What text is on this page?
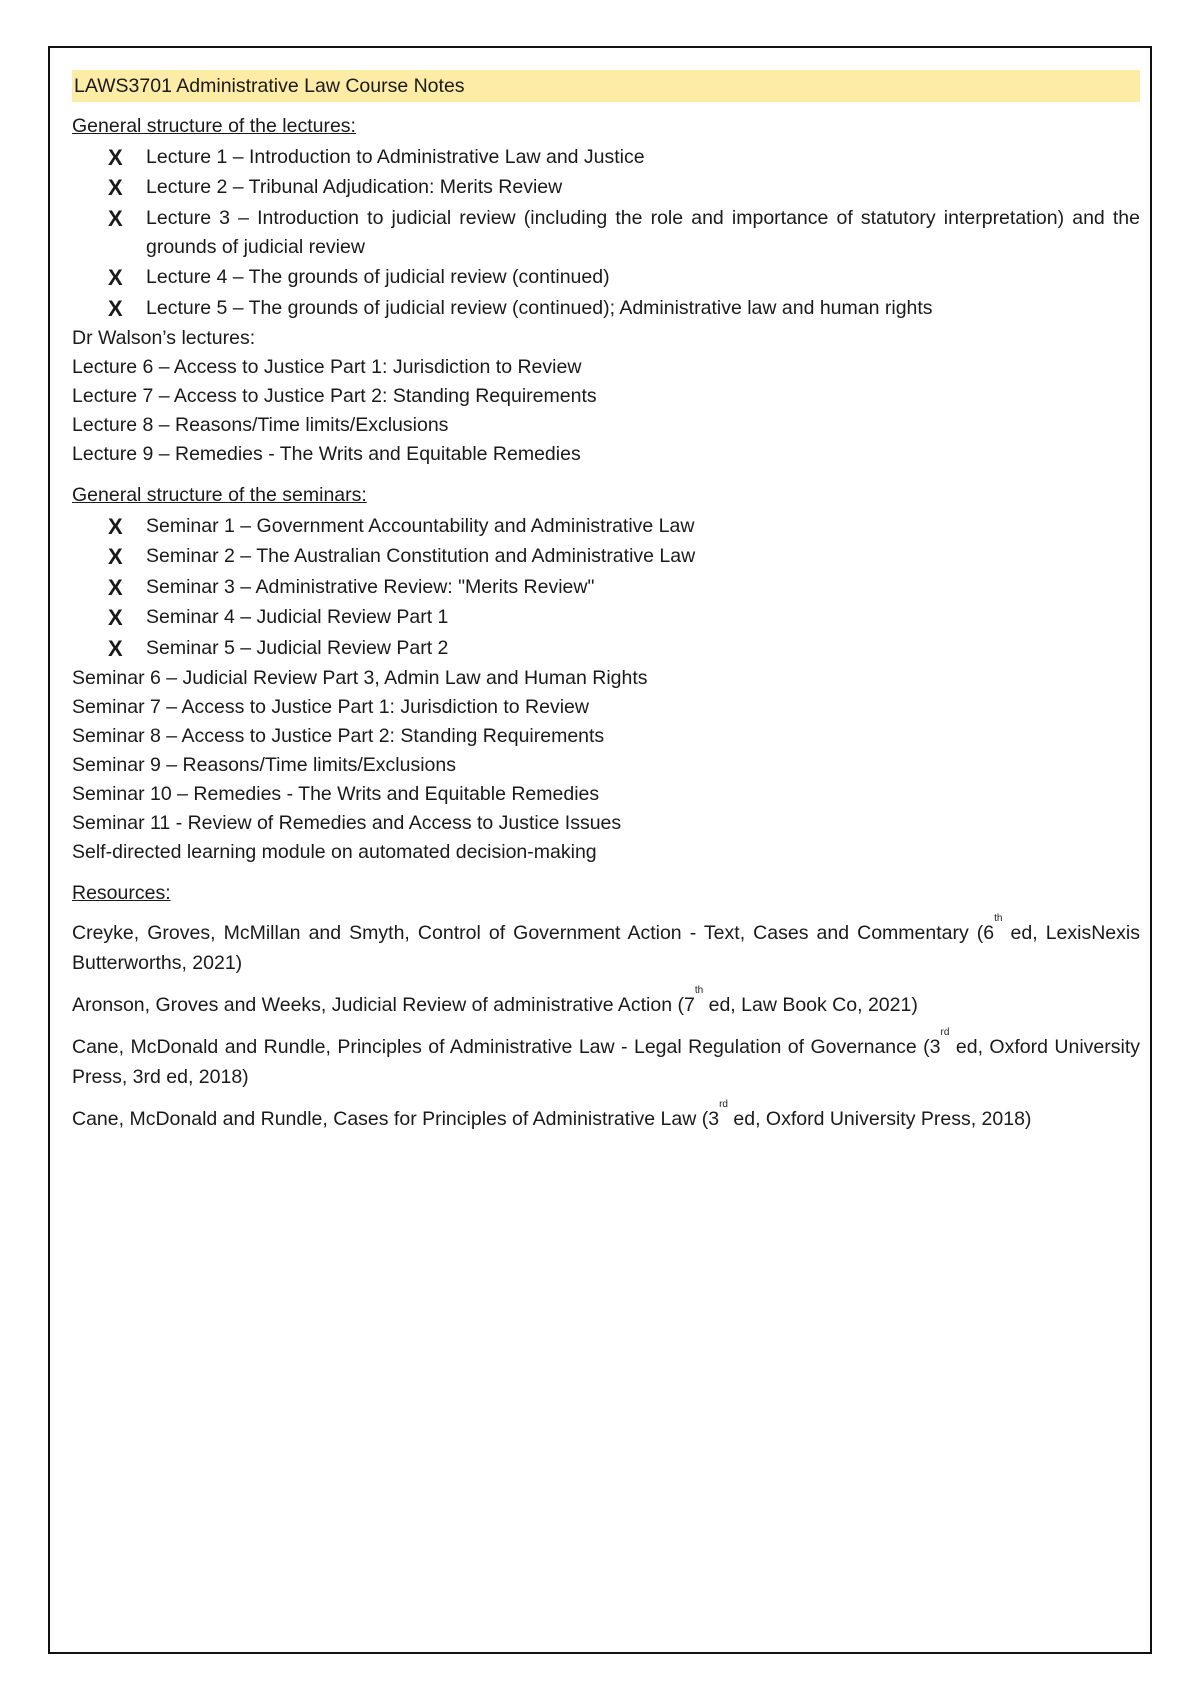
LAWS3701 Administrative Law Course Notes
General structure of the lectures:
X Lecture 1 – Introduction to Administrative Law and Justice
X Lecture 2 – Tribunal Adjudication: Merits Review
X Lecture 3 – Introduction to judicial review (including the role and importance of statutory interpretation) and the grounds of judicial review
X Lecture 4 – The grounds of judicial review (continued)
X Lecture 5 – The grounds of judicial review (continued); Administrative law and human rights
Dr Walson’s lectures:
Lecture 6 – Access to Justice Part 1: Jurisdiction to Review
Lecture 7 – Access to Justice Part 2: Standing Requirements
Lecture 8 – Reasons/Time limits/Exclusions
Lecture 9 – Remedies - The Writs and Equitable Remedies
General structure of the seminars:
X Seminar 1 – Government Accountability and Administrative Law
X Seminar 2 – The Australian Constitution and Administrative Law
X Seminar 3 – Administrative Review: "Merits Review"
X Seminar 4 – Judicial Review Part 1
X Seminar 5 – Judicial Review Part 2
Seminar 6 – Judicial Review Part 3, Admin Law and Human Rights
Seminar 7 – Access to Justice Part 1: Jurisdiction to Review
Seminar 8 – Access to Justice Part 2: Standing Requirements
Seminar 9 – Reasons/Time limits/Exclusions
Seminar 10 – Remedies - The Writs and Equitable Remedies
Seminar 11 - Review of Remedies and Access to Justice Issues
Self-directed learning module on automated decision-making
Resources:

Creyke, Groves, McMillan and Smyth, Control of Government Action - Text, Cases and Commentary (6th ed, LexisNexis Butterworths, 2021)

Aronson, Groves and Weeks, Judicial Review of administrative Action (7th ed, Law Book Co, 2021)

Cane, McDonald and Rundle, Principles of Administrative Law - Legal Regulation of Governance (3rd ed, Oxford University Press, 3rd ed, 2018)

Cane, McDonald and Rundle, Cases for Principles of Administrative Law (3rd ed, Oxford University Press, 2018)
